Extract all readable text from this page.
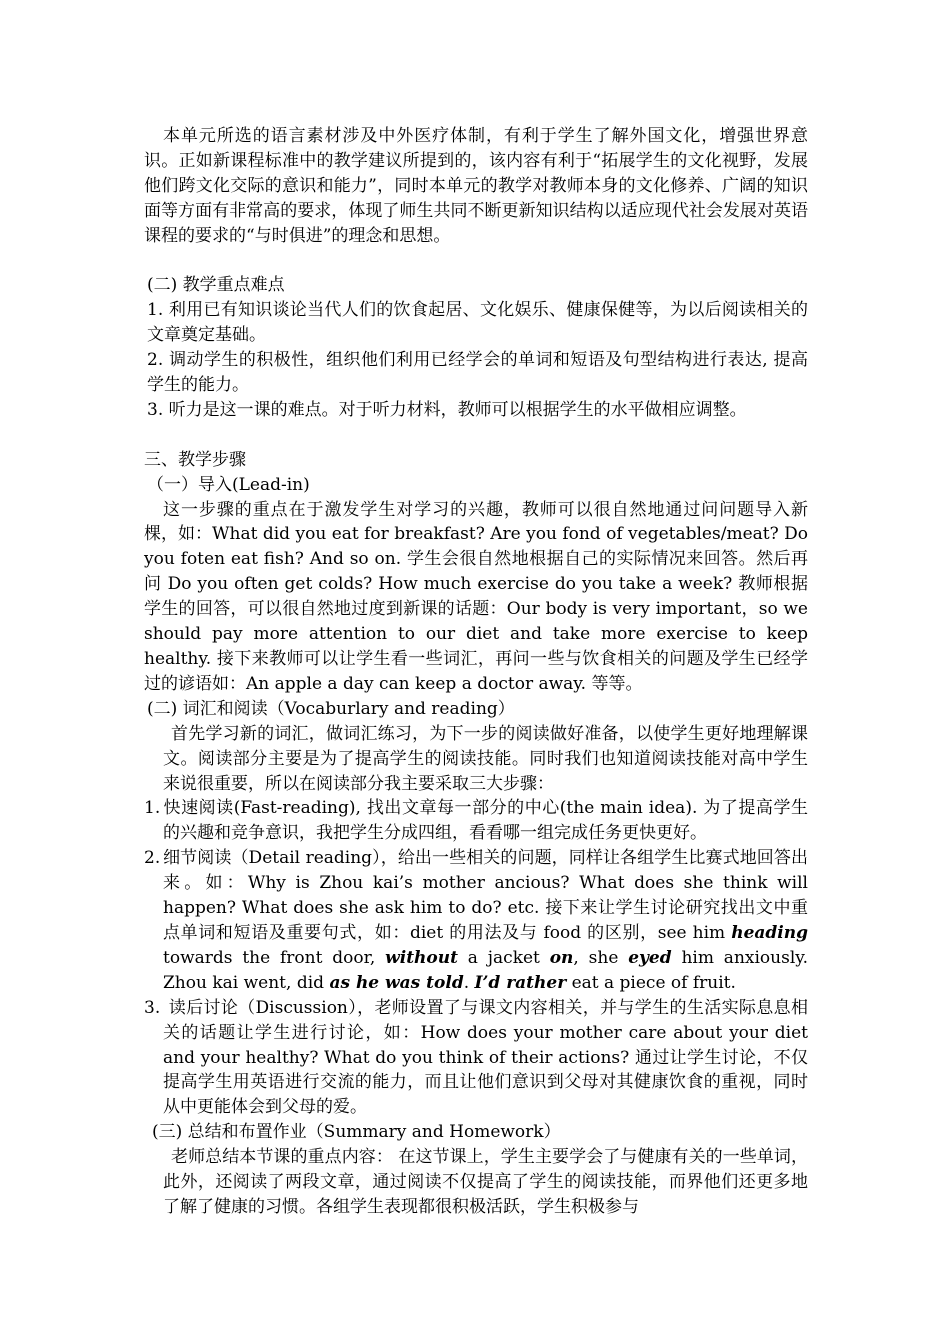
本单元所选的语言素材涉及中外医疗体制，有利于学生了解外国文化，增强世界意识。正如新课程标准中的教学建议所提到的，该内容有利于“拓展学生的文化视野，发展他们跨文化交际的意识和能力”，同时本单元的教学对教师本身的文化修养、广阔的知识面等方面有非常高的要求，体现了师生共同不断更新知识结构以适应现代社会发展对英语课程的要求的“与时俱进”的理念和思想。

(二) 教学重点难点

1. 利用已有知识谈论当代人们的饮食起居、文化娱乐、健康保健等，为以后阅读相关的文章奠定基础。

2. 调动学生的积极性，组织他们利用已经学会的单词和短语及句型结构进行表达, 提高学生的能力。

3. 听力是这一课的难点。对于听力材料，教师可以根据学生的水平做相应调整。

三、教学步骤

（一）导入(Lead-in)

这一步骤的重点在于激发学生对学习的兴趣，教师可以很自然地通过问问题导入新棵，如：What did you eat for breakfast? Are you fond of vegetables/meat? Do you foten eat fish? And so on. 学生会很自然地根据自己的实际情况来回答。然后再问 Do you often get colds? How much exercise do you take a week? 教师根据学生的回答，可以很自然地过度到新课的话题：Our body is very important，so we should pay more attention to our diet and take more exercise to keep healthy. 接下来教师可以让学生看一些词汇，再问一些与饮食相关的问题及学生已经学过的谚语如：An apple a day can keep a doctor away. 等等。

(二) 词汇和阅读（Vocaburlary and reading）

首先学习新的词汇，做词汇练习，为下一步的阅读做好准备，以使学生更好地理解课文。阅读部分主要是为了提高学生的阅读技能。同时我们也知道阅读技能对高中学生来说很重要，所以在阅读部分我主要采取三大步骤：

1. 快速阅读(Fast-reading), 找出文章每一部分的中心(the main idea). 为了提高学生的兴趣和竞争意识，我把学生分成四组，看看哪一组完成任务更快更好。

2. 细节阅读（Detail reading），给出一些相关的问题，同样让各组学生比赛式地回答出来。如：Why is Zhou kai’s mother ancious? What does she think will happen? What does she ask him to do? etc. 接下来让学生讨论研究找出文中重点单词和短语及重要句式，如：diet 的用法及与 food 的区别，see him heading towards the front door, without a jacket on, she eyed him anxiously. Zhou kai went, did as he was told. I’d rather eat a piece of fruit.

3. 读后讨论（Discussion），老师设置了与课文内容相关，并与学生的生活实际息息相关的话题让学生进行讨论，如：How does your mother care about your diet and your healthy? What do you think of their actions? 通过让学生讨论，不仅提高学生用英语进行交流的能力，而且让他们意识到父母对其健康饮食的重视，同时从中更能体会到父母的爱。

(三) 总结和布置作业（Summary and Homework）

老师总结本节课的重点内容： 在这节课上，学生主要学会了与健康有关的一些单词，此外，还阅读了两段文章，通过阅读不仅提高了学生的阅读技能，而界他们还更多地了解了健康的习惯。各组学生表现都很积极活跃，学生积极参与
